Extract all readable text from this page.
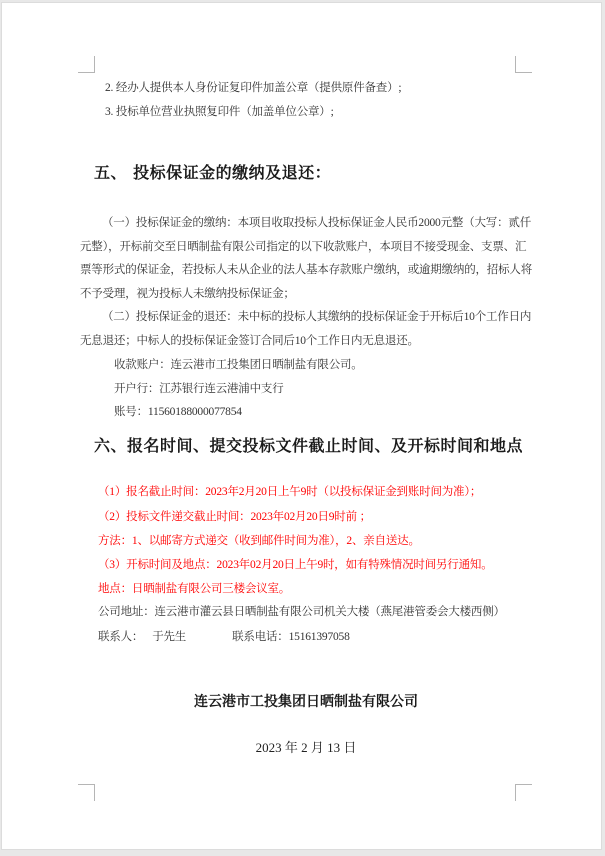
2. 经办人提供本人身份证复印件加盖公章（提供原件备查）;
3. 投标单位营业执照复印件（加盖单位公章）;
五、 投标保证金的缴纳及退还：
（一）投标保证金的缴纳：本项目收取投标人投标保证金人民币2000元整（大写：贰仟
元整），开标前交至日晒制盐有限公司指定的以下收款账户，本项目不接受现金、支票、汇
票等形式的保证金，若投标人未从企业的法人基本存款账户缴纳，或逾期缴纳的，招标人将
不予受理，视为投标人未缴纳投标保证金；
（二）投标保证金的退还：未中标的投标人其缴纳的投标保证金于开标后10个工作日内
无息退还；中标人的投标保证金签订合同后10个工作日内无息退还。
收款账户：连云港市工投集团日晒制盐有限公司。
开户行：江苏银行连云港浦中支行
账号：11560188000077854
六、报名时间、提交投标文件截止时间、及开标时间和地点
（1）报名截止时间：2023年2月20日上午9时（以投标保证金到账时间为准）；
（2）投标文件递交截止时间：2023年02月20日9时前 ；
方法：1、以邮寄方式递交（收到邮件时间为准），2、亲自送达。
（3）开标时间及地点：2023年02月20日上午9时，如有特殊情况时间另行通知。
地点：日晒制盐有限公司三楼会议室。
公司地址：连云港市灌云县日晒制盐有限公司机关大楼（燕尾港管委会大楼西侧）
联系人： 于先生	联系电话：15161397058
连云港市工投集团日晒制盐有限公司
2023 年 2 月 13 日
